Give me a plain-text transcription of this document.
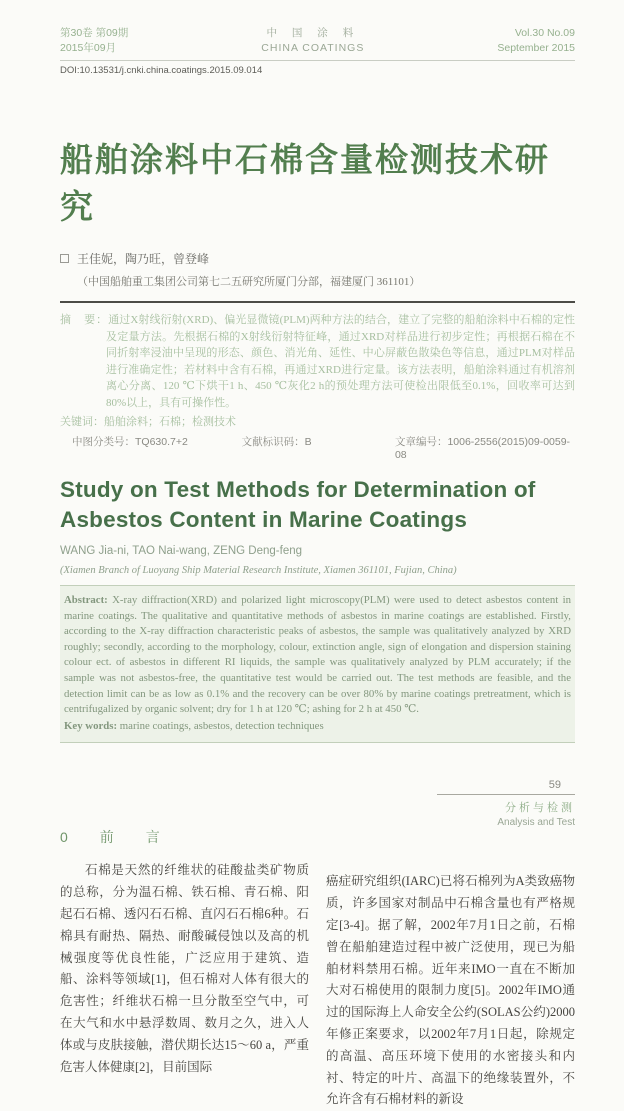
第30卷 第09期
2015年09月
中 国 涂 料
CHINA COATINGS
Vol.30 No.09
September 2015
DOI:10.13531/j.cnki.china.coatings.2015.09.014
船舶涂料中石棉含量检测技术研究
王佳妮，陶乃旺，曾登峰
（中国船舶重工集团公司第七二五研究所厦门分部，福建厦门 361101）

摘　要：通过X射线衍射(XRD)、偏光显微镜(PLM)两种方法的结合，建立了完整的船舶涂料中石棉的定性及定量方法。先根据石棉的X射线衍射特征峰，通过XRD对样品进行初步定性；再根据石棉在不同折射率浸油中呈现的形态、颜色、消光角、延性、中心屏蔽色散染色等信息，通过PLM对样品进行准确定性；若材料中含有石棉，再通过XRD进行定量。该方法表明，船舶涂料通过有机溶剂离心分离、120 ℃下烘干1 h、450 ℃灰化2 h的预处理方法可使检出限低至0.1%，回收率可达到80%以上，具有可操作性。

关键词：船舶涂料；石棉；检测技术

中图分类号：TQ630.7+2	文献标识码：B	文章编号：1006-2556(2015)09-0059-08
Study on Test Methods for Determination of Asbestos Content in Marine Coatings
WANG Jia-ni, TAO Nai-wang, ZENG Deng-feng
(Xiamen Branch of Luoyang Ship Material Research Institute, Xiamen 361101, Fujian, China)

Abstract: X-ray diffraction(XRD) and polarized light microscopy(PLM) were used to detect asbestos content in marine coatings. The qualitative and quantitative methods of asbestos in marine coatings are established. Firstly, according to the X-ray diffraction characteristic peaks of asbestos, the sample was qualitatively analyzed by XRD roughly; secondly, according to the morphology, colour, extinction angle, sign of elongation and dispersion staining colour ect. of asbestos in different RI liquids, the sample was qualitatively analyzed by PLM accurately; if the sample was not asbestos-free, the quantitative test would be carried out. The test methods are feasible, and the detection limit can be as low as 0.1% and the recovery can be over 80% by marine coatings pretreatment, which is centrifugalized by organic solvent; dry for 1 h at 120 ℃; ashing for 2 h at 450 ℃.

Key words: marine coatings, asbestos, detection techniques

0　前　言

石棉是天然的纤维状的硅酸盐类矿物质的总称，分为温石棉、铁石棉、青石棉、阳起石石棉、透闪石石棉、直闪石石棉6种。石棉具有耐热、隔热、耐酸碱侵蚀以及高的机械强度等优良性能，广泛应用于建筑、造船、涂料等领域[1]，但石棉对人体有很大的危害性；纤维状石棉一旦分散至空气中，可在大气和水中悬浮数周、数月之久，进入人体或与皮肤接触，潜伏期长达15～60 a，严重危害人体健康[2]，目前国际

癌症研究组织(IARC)已将石棉列为A类致癌物质，许多国家对制品中石棉含量也有严格规定[3-4]。据了解，2002年7月1日之前，石棉曾在船舶建造过程中被广泛使用，现已为船舶材料禁用石棉。近年来IMO一直在不断加大对石棉使用的限制力度[5]。2002年IMO通过的国际海上人命安全公约(SOLAS公约)2000年修正案要求，以2002年7月1日起，除规定的高温、高压环境下使用的水密接头和内衬、特定的叶片、高温下的绝缘装置外，不允许含有石棉材料的新设

59
分析与检测
Analysis and Test
